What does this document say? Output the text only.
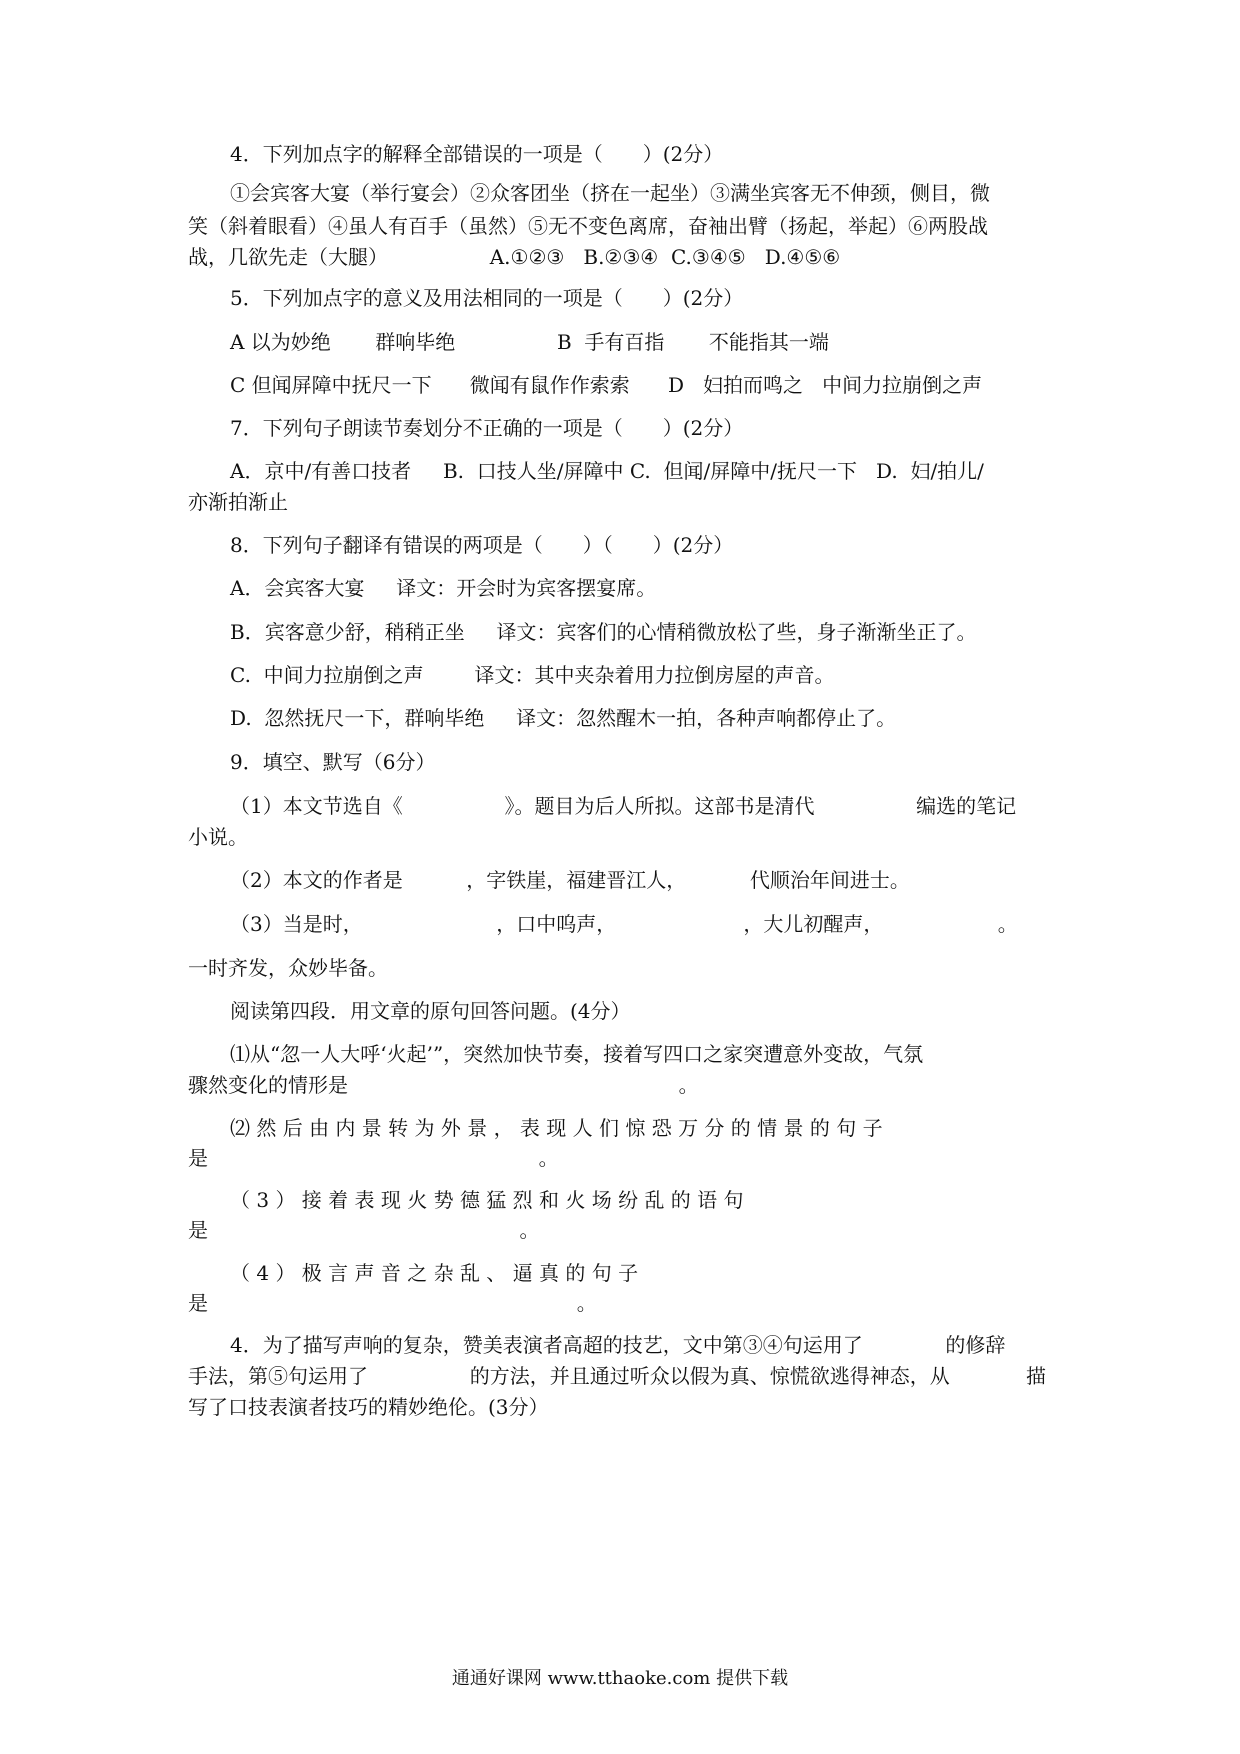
4．下列加点字的解释全部错误的一项是（　　）(2分）
①会宾客大宴（举行宴会）②众客团坐（挤在一起坐）③满坐宾客无不伸颈，侧目，微
笑（斜着眼看）④虽人有百手（虽然）⑤无不变色离席，奋袖出臂（扬起，举起）⑥两股战
战，几欲先走（大腿）                A.①②③   B.②③④  C.③④⑤   D.④⑤⑥
5．下列加点字的意义及用法相同的一项是（　　）(2分）
A 以为妙绝       群响毕绝                B  手有百指       不能指其一端
C 但闻屏障中抚尺一下      微闻有鼠作作索索      D   妇拍而鸣之   中间力拉崩倒之声
7．下列句子朗读节奏划分不正确的一项是（　　）(2分）
A．京中/有善口技者     B.  口技人坐/屏障中 C.  但闻/屏障中/抚尺一下   D.  妇/拍儿/
亦渐拍渐止
8．下列句子翻译有错误的两项是（　　）（　　）(2分）
A．会宾客大宴     译文：开会时为宾客摆宴席。
B．宾客意少舒，稍稍正坐     译文：宾客们的心情稍微放松了些，身子渐渐坐正了。
C.  中间力拉崩倒之声        译文：其中夹杂着用力拉倒房屋的声音。
D.  忽然抚尺一下，群响毕绝     译文：忽然醒木一拍，各种声响都停止了。
9．填空、默写（6分）
（1）本文节选自《                》。题目为后人所拟。这部书是清代                编选的笔记
小说。
（2）本文的作者是          ，字铁崖，福建晋江人，          代顺治年间进士。
（3）当是时，                     ，口中呜声，                    ，大儿初醒声，                  。
一时齐发，众妙毕备。
阅读第四段．用文章的原句回答问题。(4分）
⑴从“忽一人大呼‘火起’”，突然加快节奏，接着写四口之家突遭意外变故，气氛
骤然变化的情形是                                                    。
⑵ 然 后 由 内 景 转 为 外 景 ， 表 现 人 们 惊 恐 万 分 的 情 景 的 句 子
是                                                    。
（ 3 ） 接 着 表 现 火 势 德 猛 烈 和 火 场 纷 乱 的 语 句
是                                                 。
（ 4 ） 极 言 声 音 之 杂 乱 、 逼 真 的 句 子
是                                                          。
4．为了描写声响的复杂，赞美表演者高超的技艺，文中第③④句运用了             的修辞
手法，第⑤句运用了                的方法，并且通过听众以假为真、惊慌欲逃得神态，从            描
写了口技表演者技巧的精妙绝伦。(3分）
通通好课网 www.tthaoke.com 提供下载
